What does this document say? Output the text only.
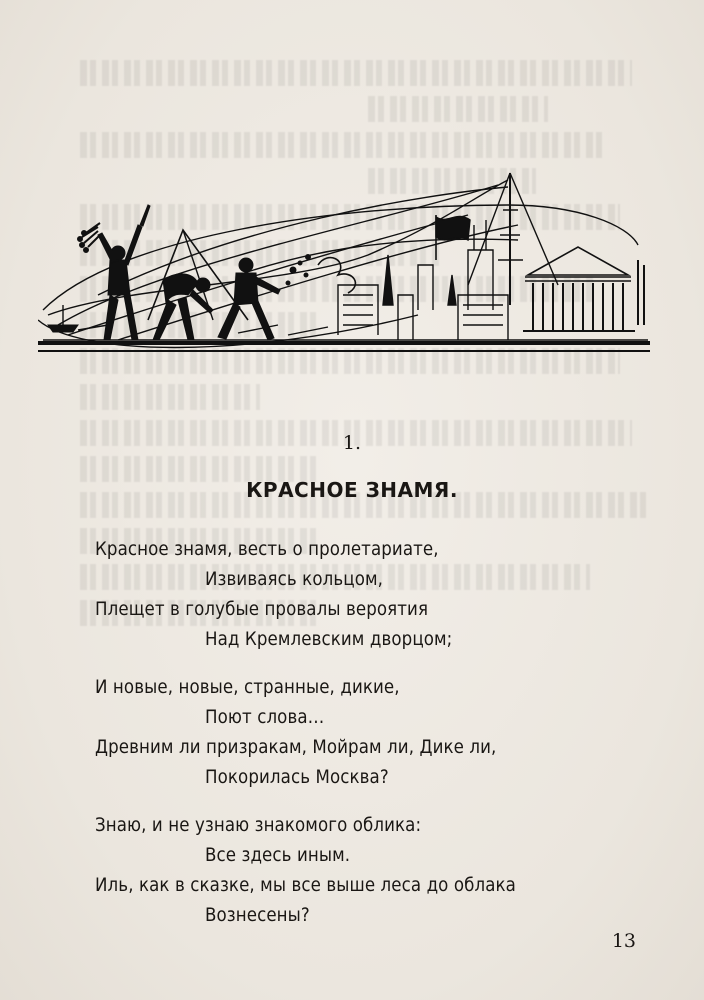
1.
КРАСНОЕ ЗНАМЯ.
Красное знамя, весть о пролетариате,
Извиваясь кольцом,
Плещет в голубые провалы вероятия
Над Кремлевским дворцом;
И новые, новые, странные, дикие,
Поют слова…
Древним ли призракам, Мойрам ли, Дике ли,
Покорилась Москва?
Знаю, и не узнаю знакомого облика:
Все здесь иным.
Иль, как в сказке, мы все выше леса до облака
Вознесены?
13
